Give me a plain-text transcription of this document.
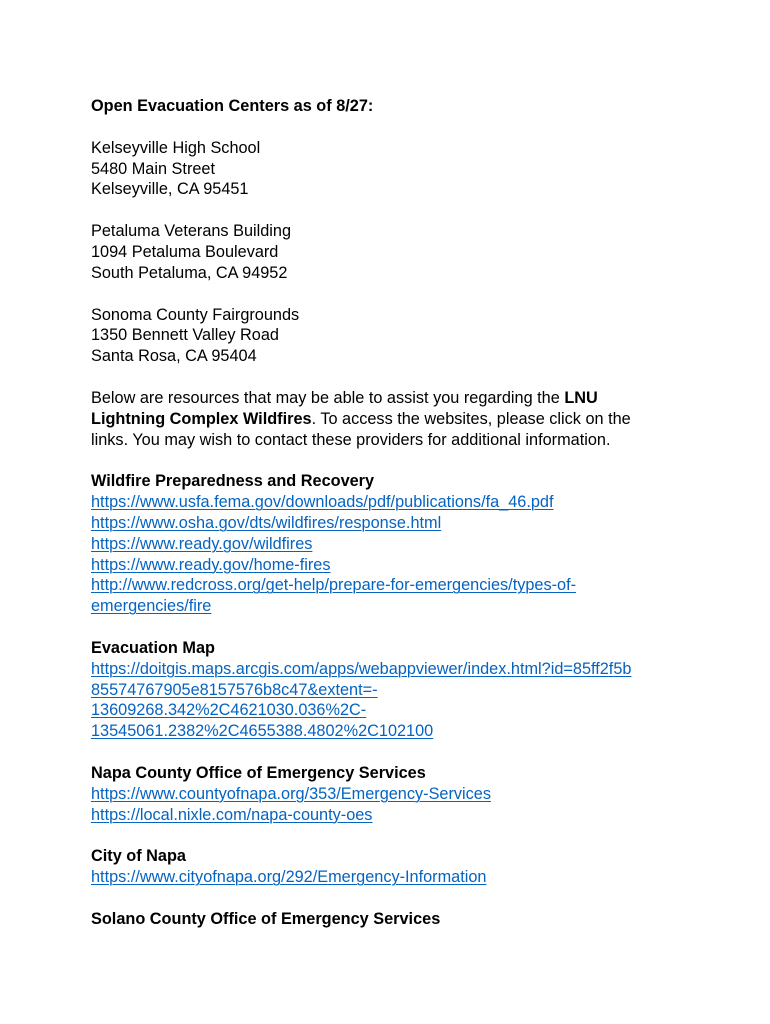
Open Evacuation Centers as of 8/27:

Kelseyville High School
5480 Main Street
Kelseyville, CA 95451
Petaluma Veterans Building
1094 Petaluma Boulevard
South Petaluma, CA 94952
Sonoma County Fairgrounds
1350 Bennett Valley Road
Santa Rosa, CA 95404
Below are resources that may be able to assist you regarding the LNU
Lightning Complex Wildfires. To access the websites, please click on the
links. You may wish to contact these providers for additional information.

Wildfire Preparedness and Recovery

https://www.usfa.fema.gov/downloads/pdf/publications/fa_46.pdf
https://www.osha.gov/dts/wildfires/response.html
https://www.ready.gov/wildfires
https://www.ready.gov/home-fires
http://www.redcross.org/get-help/prepare-for-emergencies/types-of-
emergencies/fire

Evacuation Map

https://doitgis.maps.arcgis.com/apps/webappviewer/index.html?id=85ff2f5b
85574767905e8157576b8c47&extent=-
13609268.342%2C4621030.036%2C-
13545061.2382%2C4655388.4802%2C102100

Napa County Office of Emergency Services

https://www.countyofnapa.org/353/Emergency-Services
https://local.nixle.com/napa-county-oes

City of Napa

https://www.cityofnapa.org/292/Emergency-Information

Solano County Office of Emergency Services
